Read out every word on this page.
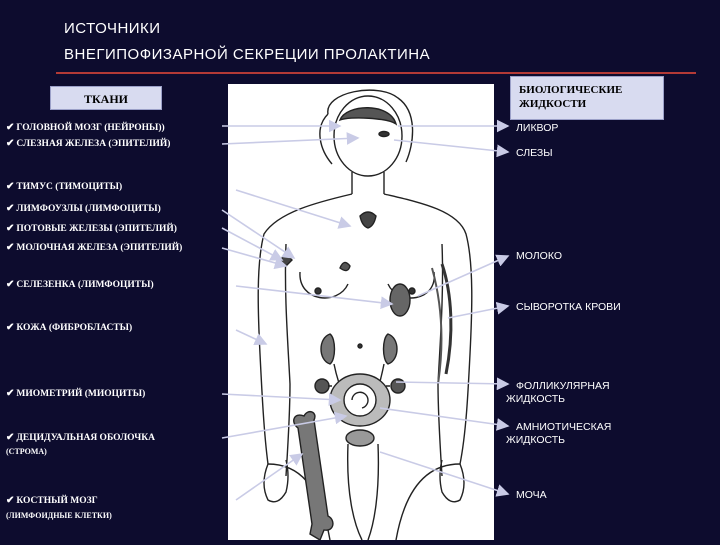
ИСТОЧНИКИ
ВНЕГИПОФИЗАРНОЙ СЕКРЕЦИИ ПРОЛАКТИНА
ТКАНИ
БИОЛОГИЧЕСКИЕ ЖИДКОСТИ
✔ ГОЛОВНОЙ МОЗГ (НЕЙРОНЫ))
✔ СЛЕЗНАЯ ЖЕЛЕЗА (ЭПИТЕЛИЙ)
✔ ТИМУС (ТИМОЦИТЫ)
✔ ЛИМФОУЗЛЫ (ЛИМФОЦИТЫ)
✔ ПОТОВЫЕ ЖЕЛЕЗЫ (ЭПИТЕЛИЙ)
✔ МОЛОЧНАЯ ЖЕЛЕЗА (ЭПИТЕЛИЙ)
✔ СЕЛЕЗЕНКА (ЛИМФОЦИТЫ)
✔ КОЖА (ФИБРОБЛАСТЫ)
✔ МИОМЕТРИЙ (МИОЦИТЫ)
✔ ДЕЦИДУАЛЬНАЯ ОБОЛОЧКА
(СТРОМА)
✔ КОСТНЫЙ МОЗГ
(ЛИМФОИДНЫЕ КЛЕТКИ)
ЛИКВОР
СЛЕЗЫ
МОЛОКО
СЫВОРОТКА КРОВИ
ФОЛЛИКУЛЯРНАЯ
ЖИДКОСТЬ
АМНИОТИЧЕСКАЯ
ЖИДКОСТЬ
МОЧА
